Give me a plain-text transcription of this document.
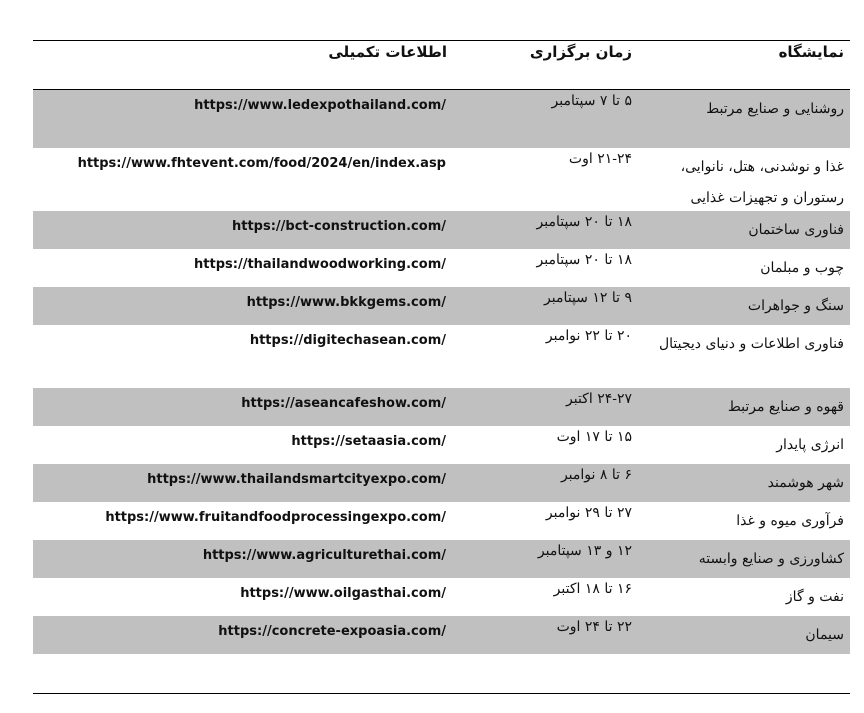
نمایشگاه
زمان برگزاری
اطلاعات تکمیلی
روشنایی و صنایع مرتبط
۵ تا ۷ سپتامبر
https://www.ledexpothailand.com/
غذا و نوشدنی، هتل، نانوایی، رستوران و تجهیزات غذایی
۲۱-۲۴ اوت
https://www.fhtevent.com/food/2024/en/index.asp
فناوری ساختمان
۱۸ تا ۲۰ سپتامبر
https://bct-construction.com/
چوب و مبلمان
۱۸ تا ۲۰ سپتامبر
https://thailandwoodworking.com/
سنگ و جواهرات
۹ تا ۱۲ سپتامبر
https://www.bkkgems.com/
فناوری اطلاعات و دنیای دیجیتال
۲۰ تا ۲۲ نوامبر
https://digitechasean.com/
قهوه و صنایع مرتبط
۲۴-۲۷ اکتبر
https://aseancafeshow.com/
انرژی پایدار
۱۵ تا ۱۷ اوت
https://setaasia.com/
شهر هوشمند
۶ تا ۸ نوامبر
https://www.thailandsmartcityexpo.com/
فرآوری میوه و غذا
۲۷ تا ۲۹ نوامبر
https://www.fruitandfoodprocessingexpo.com/
کشاورزی و صنایع وابسته
۱۲ و ۱۳ سپتامبر
https://www.agriculturethai.com/
نفت و گاز
۱۶ تا ۱۸ اکتبر
https://www.oilgasthai.com/
سیمان
۲۲ تا ۲۴ اوت
https://concrete-expoasia.com/
